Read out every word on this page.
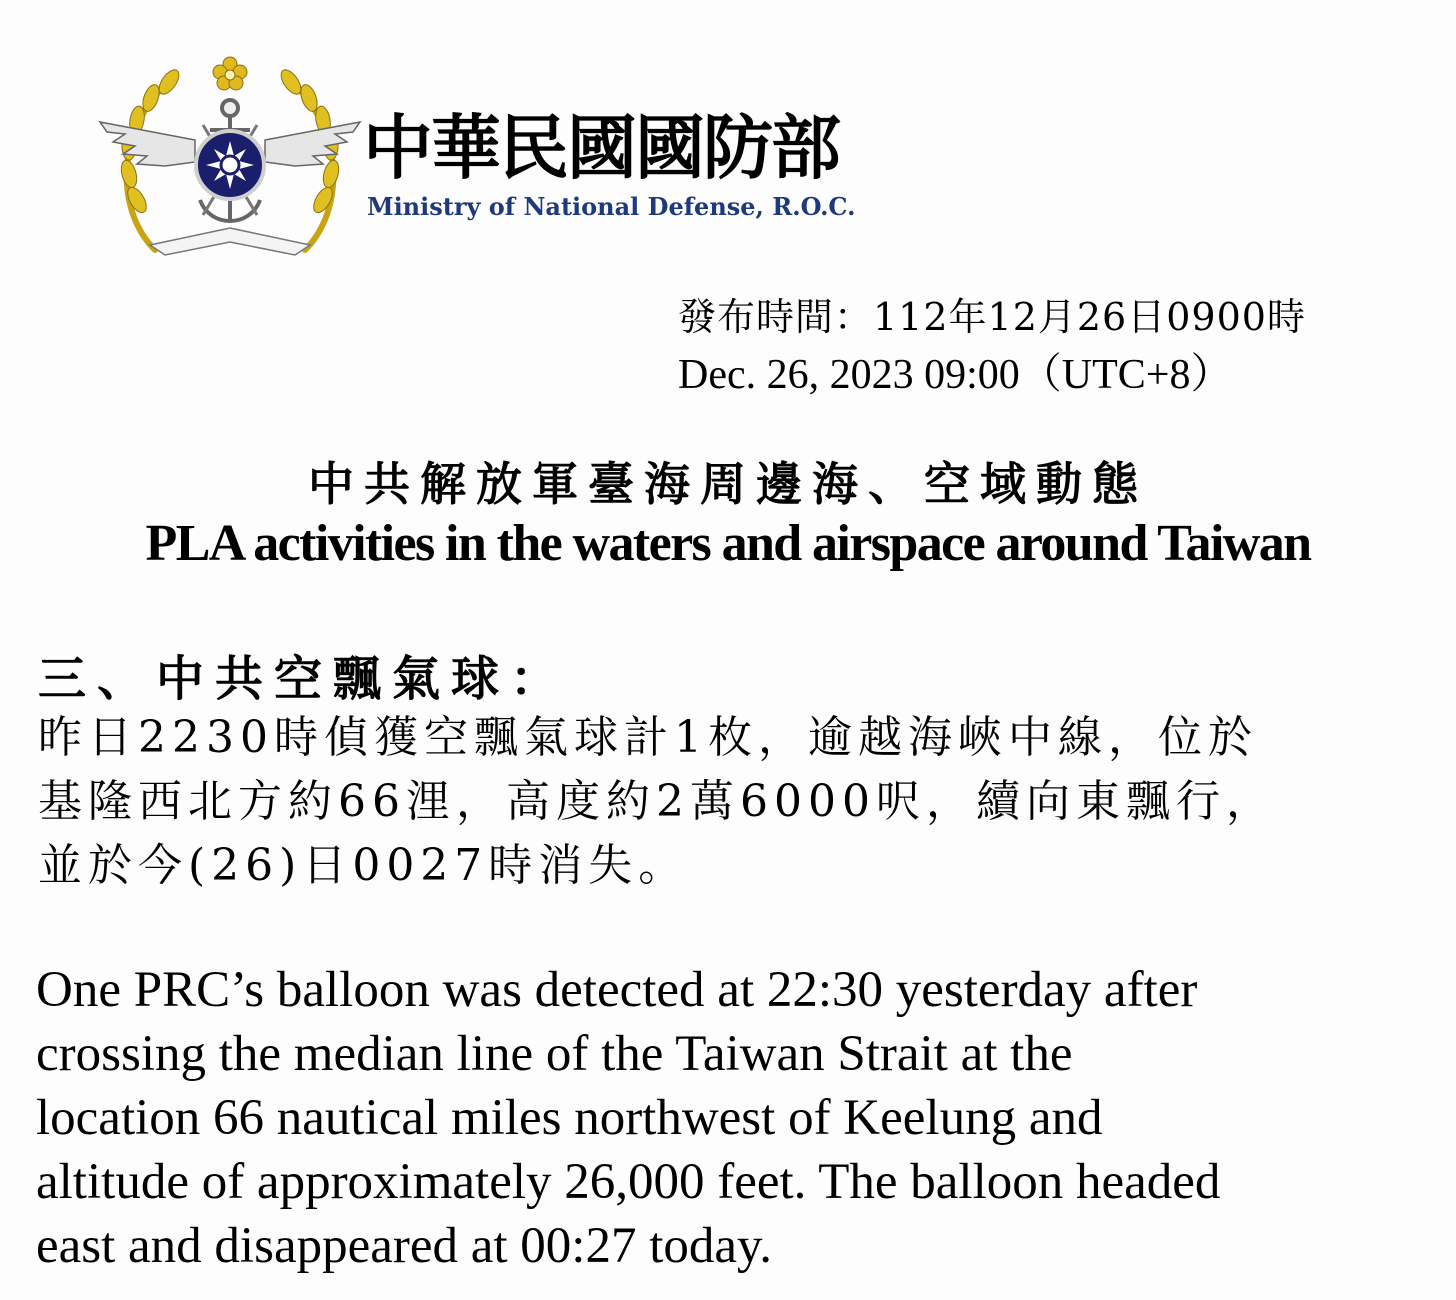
中華民國國防部
Ministry of National Defense, R.O.C.
發布時間：112年12月26日0900時
Dec. 26, 2023 09:00（UTC+8）
中共解放軍臺海周邊海、空域動態
PLA activities in the waters and airspace around Taiwan
三、中共空飄氣球：
昨日2230時偵獲空飄氣球計1枚，逾越海峽中線，位於
基隆西北方約66浬，高度約2萬6000呎，續向東飄行，
並於今(26)日0027時消失。
One PRC’s balloon was detected at 22:30 yesterday after
crossing the median line of the Taiwan Strait at the
location 66 nautical miles northwest of Keelung and
altitude of approximately 26,000 feet. The balloon headed
east and disappeared at 00:27 today.
